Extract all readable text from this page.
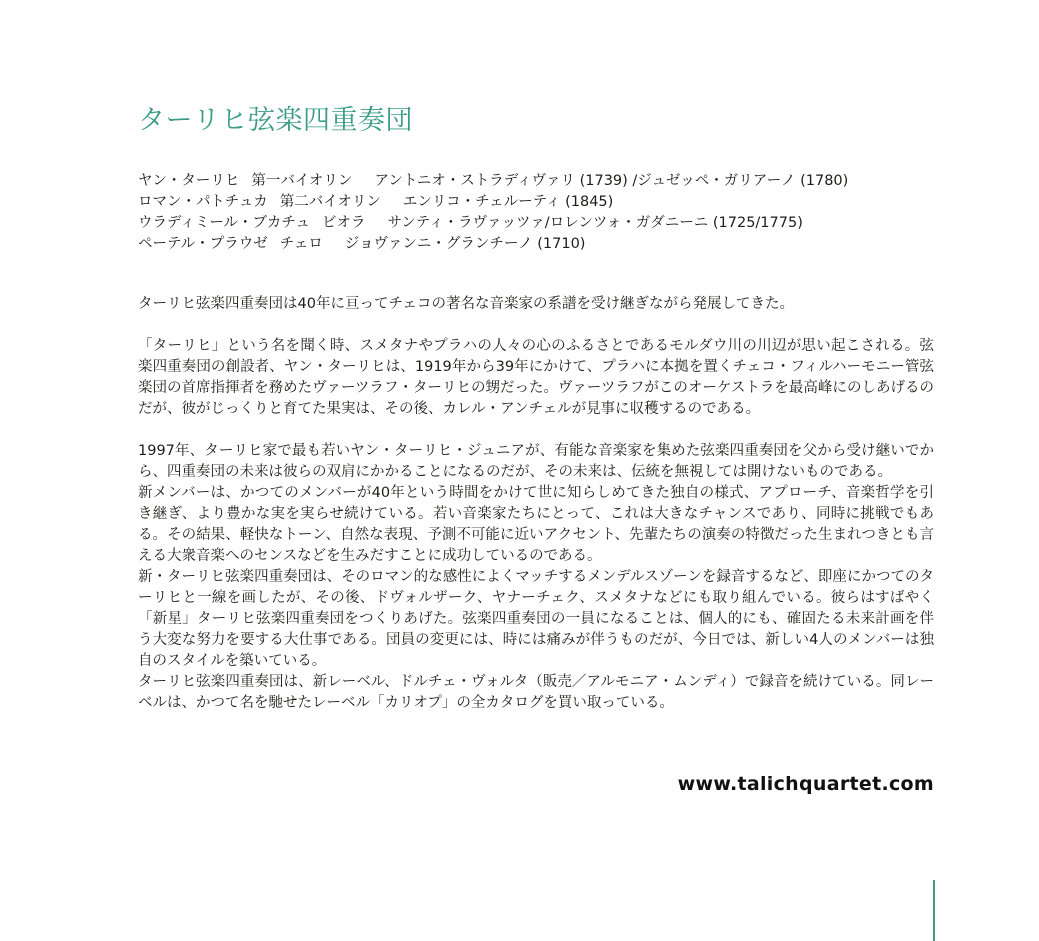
ターリヒ弦楽四重奏団
ヤン・ターリヒ 第一バイオリン アントニオ・ストラディヴァリ (1739) /ジュゼッペ・ガリアーノ (1780)
ロマン・パトチュカ 第二バイオリン エンリコ・チェルーティ (1845)
ウラディミール・ブカチュ ビオラ サンティ・ラヴァッツァ/ロレンツォ・ガダニーニ (1725/1775)
ペーテル・プラウゼ チェロ ジョヴァンニ・グランチーノ (1710)

ターリヒ弦楽四重奏団は40年に亘ってチェコの著名な音楽家の系譜を受け継ぎながら発展してきた。

「ターリヒ」という名を聞く時、スメタナやプラハの人々の心のふるさとであるモルダウ川の川辺が思い起こされる。弦楽四重奏団の創設者、ヤン・ターリヒは、1919年から39年にかけて、プラハに本拠を置くチェコ・フィルハーモニー管弦楽団の首席指揮者を務めたヴァーツラフ・ターリヒの甥だった。ヴァーツラフがこのオーケストラを最高峰にのしあげるのだが、彼がじっくりと育てた果実は、その後、カレル・アンチェルが見事に収穫するのである。

1997年、ターリヒ家で最も若いヤン・ターリヒ・ジュニアが、有能な音楽家を集めた弦楽四重奏団を父から受け継いでから、四重奏団の未来は彼らの双肩にかかることになるのだが、その未来は、伝統を無視しては開けないものである。

新メンバーは、かつてのメンバーが40年という時間をかけて世に知らしめてきた独自の様式、アプローチ、音楽哲学を引き継ぎ、より豊かな実を実らせ続けている。若い音楽家たちにとって、これは大きなチャンスであり、同時に挑戦でもある。その結果、軽快なトーン、自然な表現、予測不可能に近いアクセント、先輩たちの演奏の特徴だった生まれつきとも言える大衆音楽へのセンスなどを生みだすことに成功しているのである。

新・ターリヒ弦楽四重奏団は、そのロマン的な感性によくマッチするメンデルスゾーンを録音するなど、即座にかつてのターリヒと一線を画したが、その後、ドヴォルザーク、ヤナーチェク、スメタナなどにも取り組んでいる。彼らはすばやく「新星」ターリヒ弦楽四重奏団をつくりあげた。弦楽四重奏団の一員になることは、個人的にも、確固たる未来計画を伴う大変な努力を要する大仕事である。団員の変更には、時には痛みが伴うものだが、今日では、新しい4人のメンバーは独自のスタイルを築いている。

ターリヒ弦楽四重奏団は、新レーベル、ドルチェ・ヴォルタ（販売／アルモニア・ムンディ）で録音を続けている。同レーベルは、かつて名を馳せたレーベル「カリオプ」の全カタログを買い取っている。

www.talichquartet.com
